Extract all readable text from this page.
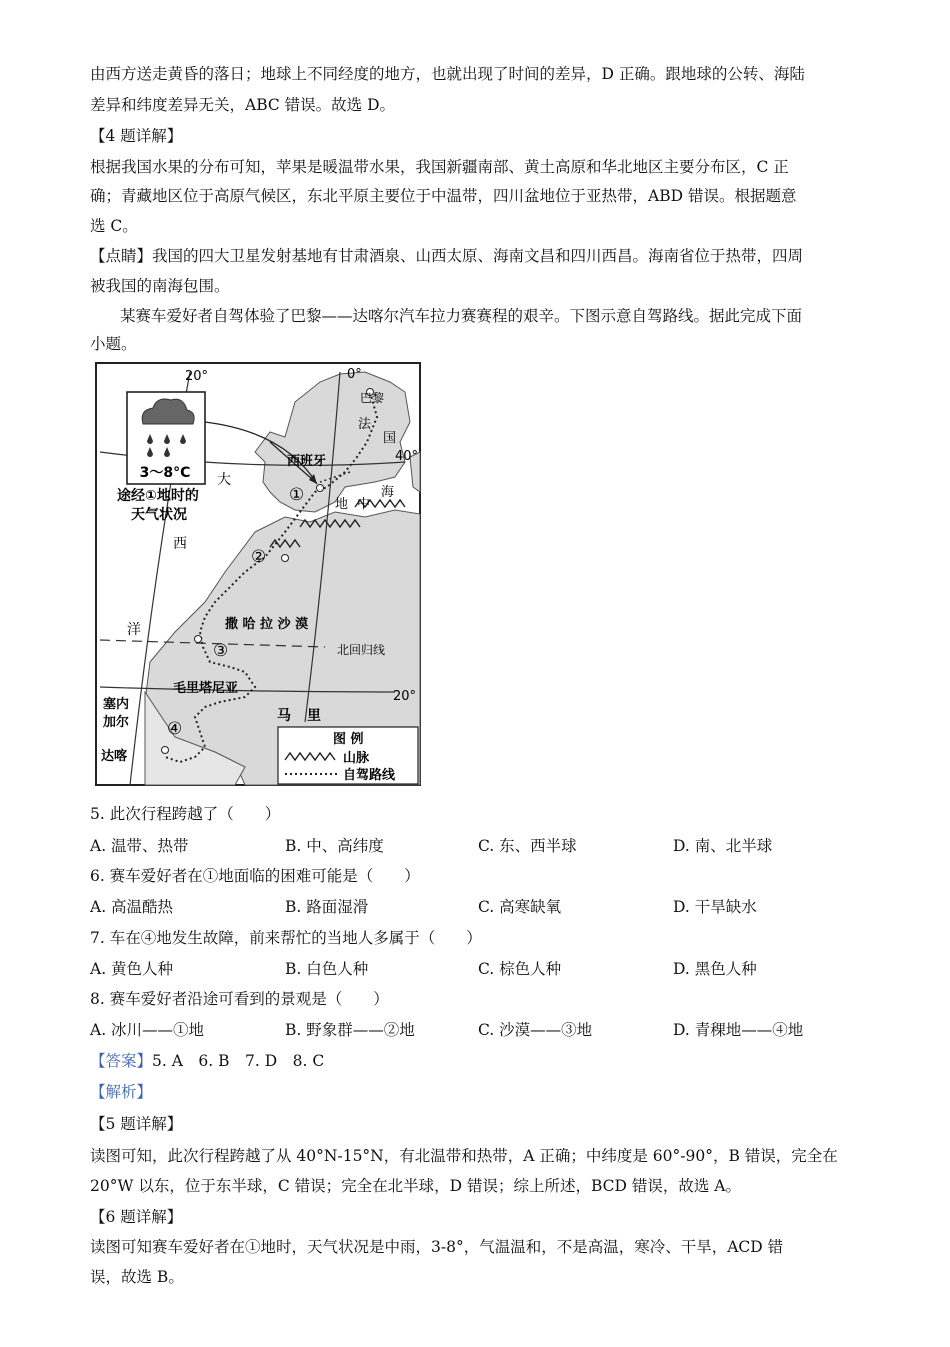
由西方送走黄昏的落日；地球上不同经度的地方，也就出现了时间的差异，D 正确。跟地球的公转、海陆
差异和纬度差异无关，ABC 错误。故选 D。
【4 题详解】
根据我国水果的分布可知，苹果是暖温带水果，我国新疆南部、黄土高原和华北地区主要分布区，C 正
确；青藏地区位于高原气候区，东北平原主要位于中温带，四川盆地位于亚热带，ABD 错误。根据题意
选 C。
【点睛】我国的四大卫星发射基地有甘肃酒泉、山西太原、海南文昌和四川西昌。海南省位于热带，四周
被我国的南海包围。
某赛车爱好者自驾体验了巴黎——达喀尔汽车拉力赛赛程的艰辛。下图示意自驾路线。据此完成下面
小题。
3～8°C
20°	0°
40°
20°
北回归线
途经①地时的
天气状况
巴黎
法
国
西班牙
地 中
海
大
西
洋	撒 哈 拉 沙 漠
毛里塔尼亚
马 里
塞内
加尔
达喀
①
②
③
④
图 例
山脉
自驾路线
5. 此次行程跨越了（　　）
A. 温带、热带	B. 中、高纬度	C. 东、西半球	D. 南、北半球
6. 赛车爱好者在①地面临的困难可能是（　　）
A. 高温酷热	B. 路面湿滑	C. 高寒缺氧	D. 干旱缺水
7. 车在④地发生故障，前来帮忙的当地人多属于（　　）
A. 黄色人种	B. 白色人种	C. 棕色人种	D. 黑色人种
8. 赛车爱好者沿途可看到的景观是（　　）
A. 冰川——①地	B. 野象群——②地	C. 沙漠——③地	D. 青稞地——④地
【答案】5. A　6. B　7. D　8. C
【解析】
【5 题详解】
读图可知，此次行程跨越了从 40°N-15°N，有北温带和热带，A 正确；中纬度是 60°-90°，B 错误，完全在
20°W 以东，位于东半球，C 错误；完全在北半球，D 错误；综上所述，BCD 错误，故选 A。
【6 题详解】
读图可知赛车爱好者在①地时，天气状况是中雨，3-8°，气温温和，不是高温，寒冷、干旱，ACD 错
误，故选 B。
